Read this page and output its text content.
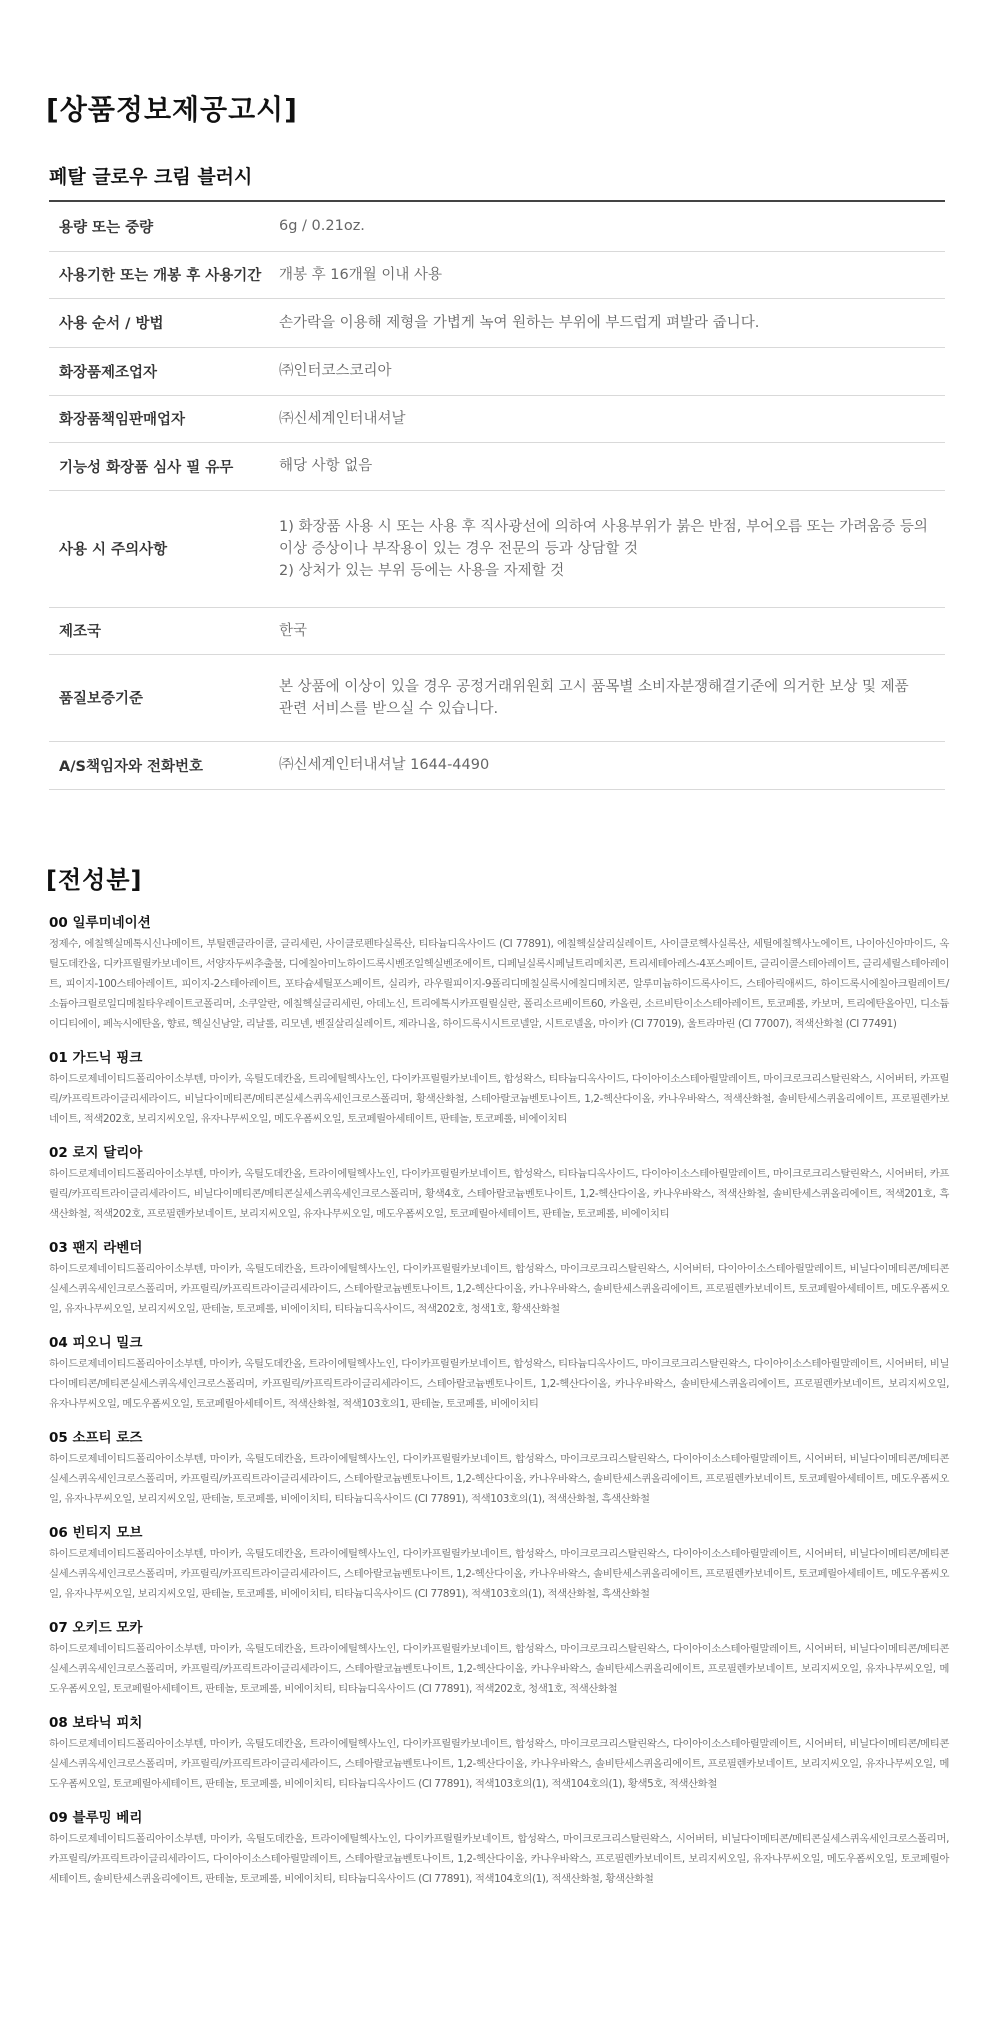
[상품정보제공고시]
페탈 글로우 크림 블러시
용량 또는 중량	6g / 0.21oz.

사용기한 또는 개봉 후 사용기간	개봉 후 16개월 이내 사용

사용 순서 / 방법	손가락을 이용해 제형을 가볍게 녹여 원하는 부위에 부드럽게 펴발라 줍니다.

화장품제조업자	㈜인터코스코리아

화장품책임판매업자	㈜신세계인터내셔날

기능성 화장품 심사 필 유무	해당 사항 없음

사용 시 주의사항	1) 화장품 사용 시 또는 사용 후 직사광선에 의하여 사용부위가 붉은 반점, 부어오름 또는 가려움증 등의
이상 증상이나 부작용이 있는 경우 전문의 등과 상담할 것
2) 상처가 있는 부위 등에는 사용을 자제할 것

제조국	한국

품질보증기준	본 상품에 이상이 있을 경우 공정거래위원회 고시 품목별 소비자분쟁해결기준에 의거한 보상 및 제품
관련 서비스를 받으실 수 있습니다.

A/S책임자와 전화번호	㈜신세계인터내셔날 1644-4490
[전성분]
00 일루미네이션
정제수, 에칠헥실메톡시신나메이트, 부틸렌글라이콜, 글리세린, 사이클로펜타실록산, 티타늄디옥사이드 (CI 77891), 에칠헥실살리실레이트, 사이클로헥사실록산, 세틸에칠헥사노에이트, 나이아신아마이드, 옥틸도데칸올, 디카프릴릴카보네이트, 서양자두씨추출물, 디에칠아미노하이드록시벤조일헥실벤조에이트, 디페닐실록시페닐트리메치콘, 트리세테아레스-4포스페이트, 글리이콜스테아레이트, 글리세릴스테아레이트, 피이지-100스테아레이트, 피이지-2스테아레이트, 포타슘세틸포스페이트, 실리카, 라우릴피이지-9폴리디메칠실록시에칠디메치콘, 알루미늄하이드록사이드, 스테아릭애씨드, 하이드록시에칠아크릴레이트/소듐아크릴로일디메칠타우레이트코폴리머, 소쿠알란, 에칠헥실글리세린, 아데노신, 트리에톡시카프릴릴실란, 폴리소르베이트60, 카올린, 소르비탄이소스테아레이트, 토코페롤, 카보머, 트리에탄올아민, 디소듐이디티에이, 페녹시에탄올, 향료, 헥실신남알, 리날롤, 리모넨, 벤질살리실레이트, 제라니올, 하이드록시시트로넬알, 시트로넬올, 마이카 (CI 77019), 울트라마린 (CI 77007), 적색산화철 (CI 77491)
01 가드닉 핑크
하이드로제네이티드폴리아이소부텐, 마이카, 옥틸도데칸올, 트리에틸헥사노인, 다이카프릴릴카보네이트, 합성왁스, 티타늄디옥사이드, 다이아이소스테아릴말레이트, 마이크로크리스탈린왁스, 시어버터, 카프릴릭/카프릭트라이글리세라이드, 비닐다이메티콘/메티콘실세스퀴옥세인크로스폴리머, 황색산화철, 스테아랄코늄벤토나이트, 1,2-헥산다이올, 카나우바왁스, 적색산화철, 솔비탄세스퀴올리에이트, 프로필렌카보네이트, 적색202호, 보리지씨오일, 유자나무씨오일, 메도우폼씨오일, 토코페릴아세테이트, 판테놀, 토코페롤, 비에이치티
02 로지 달리아
하이드로제네이티드폴리아이소부텐, 마이카, 옥틸도데칸올, 트라이에틸헥사노인, 다이카프릴릴카보네이트, 합성왁스, 티타늄디옥사이드, 다이아이소스테아릴말레이트, 마이크로크리스탈린왁스, 시어버터, 카프릴릭/카프릭트라이글리세라이드, 비닐다이메티콘/메티콘실세스퀴옥세인크로스폴리머, 황색4호, 스테아랄코늄벤토나이트, 1,2-헥산다이올, 카나우바왁스, 적색산화철, 솔비탄세스퀴올리에이트, 적색201호, 흑색산화철, 적색202호, 프로필렌카보네이트, 보리지씨오일, 유자나무씨오일, 메도우폼씨오일, 토코페릴아세테이트, 판테놀, 토코페롤, 비에이치티
03 팬지 라벤더
하이드로제네이티드폴리아이소부텐, 마이카, 옥틸도데칸올, 트라이에틸헥사노인, 다이카프릴릴카보네이트, 합성왁스, 마이크로크리스탈린왁스, 시어버터, 다이아이소스테아릴말레이트, 비닐다이메티콘/메티콘실세스퀴옥세인크로스폴리머, 카프릴릭/카프릭트라이글리세라이드, 스테아랄코늄벤토나이트, 1,2-헥산다이올, 카나우바왁스, 솔비탄세스퀴올리에이트, 프로필렌카보네이트, 토코페릴아세테이트, 메도우폼씨오일, 유자나무씨오일, 보리지씨오일, 판테놀, 토코페롤, 비에이치티, 티타늄디옥사이드, 적색202호, 청색1호, 황색산화철
04 피오니 밀크
하이드로제네이티드폴리아이소부텐, 마이카, 옥틸도데칸올, 트라이에틸헥사노인, 다이카프릴릴카보네이트, 합성왁스, 티타늄디옥사이드, 마이크로크리스탈린왁스, 다이아이소스테아릴말레이트, 시어버터, 비닐다이메티콘/메티콘실세스퀴옥세인크로스폴리머, 카프릴릭/카프릭트라이글리세라이드, 스테아랄코늄벤토나이트, 1,2-헥산다이올, 카나우바왁스, 솔비탄세스퀴올리에이트, 프로필렌카보네이트, 보리지씨오일, 유자나무씨오일, 메도우폼씨오일, 토코페릴아세테이트, 적색산화철, 적색103호의1, 판테놀, 토코페롤, 비에이치티
05 소프티 로즈
하이드로제네이티드폴리아이소부텐, 마이카, 옥틸도데칸올, 트라이에틸헥사노인, 다이카프릴릴카보네이트, 합성왁스, 마이크로크리스탈린왁스, 다이아이소스테아릴말레이트, 시어버터, 비닐다이메티콘/메티콘실세스퀴옥세인크로스폴리머, 카프릴릭/카프릭트라이글리세라이드, 스테아랄코늄벤토나이트, 1,2-헥산다이올, 카나우바왁스, 솔비탄세스퀴올리에이트, 프로필렌카보네이트, 토코페릴아세테이트, 메도우폼씨오일, 유자나무씨오일, 보리지씨오일, 판테놀, 토코페롤, 비에이치티, 티타늄디옥사이드 (CI 77891), 적색103호의(1), 적색산화철, 흑색산화철
06 빈티지 모브
하이드로제네이티드폴리아이소부텐, 마이카, 옥틸도데칸올, 트라이에틸헥사노인, 다이카프릴릴카보네이트, 합성왁스, 마이크로크리스탈린왁스, 다이아이소스테아릴말레이트, 시어버터, 비닐다이메티콘/메티콘실세스퀴옥세인크로스폴리머, 카프릴릭/카프릭트라이글리세라이드, 스테아랄코늄벤토나이트, 1,2-헥산다이올, 카나우바왁스, 솔비탄세스퀴올리에이트, 프로필렌카보네이트, 토코페릴아세테이트, 메도우폼씨오일, 유자나무씨오일, 보리지씨오일, 판테놀, 토코페롤, 비에이치티, 티타늄디옥사이드 (CI 77891), 적색103호의(1), 적색산화철, 흑색산화철
07 오키드 모카
하이드로제네이티드폴리아이소부텐, 마이카, 옥틸도데칸올, 트라이에틸헥사노인, 다이카프릴릴카보네이트, 합성왁스, 마이크로크리스탈린왁스, 다이아이소스테아릴말레이트, 시어버터, 비닐다이메티콘/메티콘실세스퀴옥세인크로스폴리머, 카프릴릭/카프릭트라이글리세라이드, 스테아랄코늄벤토나이트, 1,2-헥산다이올, 카나우바왁스, 솔비탄세스퀴올리에이트, 프로필렌카보네이트, 보리지씨오일, 유자나무씨오일, 메도우폼씨오일, 토코페릴아세테이트, 판테놀, 토코페롤, 비에이치티, 티타늄디옥사이드 (CI 77891), 적색202호, 청색1호, 적색산화철
08 보타닉 피치
하이드로제네이티드폴리아이소부텐, 마이카, 옥틸도데칸올, 트라이에틸헥사노인, 다이카프릴릴카보네이트, 합성왁스, 마이크로크리스탈린왁스, 다이아이소스테아릴말레이트, 시어버터, 비닐다이메티콘/메티콘실세스퀴옥세인크로스폴리머, 카프릴릭/카프릭트라이글리세라이드, 스테아랄코늄벤토나이트, 1,2-헥산다이올, 카나우바왁스, 솔비탄세스퀴올리에이트, 프로필렌카보네이트, 보리지씨오일, 유자나무씨오일, 메도우폼씨오일, 토코페릴아세테이트, 판테놀, 토코페롤, 비에이치티, 티타늄디옥사이드 (CI 77891), 적색103호의(1), 적색104호의(1), 황색5호, 적색산화철
09 블루밍 베리
하이드로제네이티드폴리아이소부텐, 마이카, 옥틸도데칸올, 트라이에틸헥사노인, 다이카프릴릴카보네이트, 합성왁스, 마이크로크리스탈린왁스, 시어버터, 비닐다이메티콘/메티콘실세스퀴옥세인크로스폴리머, 카프릴릭/카프릭트라이글리세라이드, 다이아이소스테아릴말레이트, 스테아랄코늄벤토나이트, 1,2-헥산다이올, 카나우바왁스, 프로필렌카보네이트, 보리지씨오일, 유자나무씨오일, 메도우폼씨오일, 토코페릴아세테이트, 솔비탄세스퀴올리에이트, 판테놀, 토코페롤, 비에이치티, 티타늄디옥사이드 (CI 77891), 적색104호의(1), 적색산화철, 황색산화철
